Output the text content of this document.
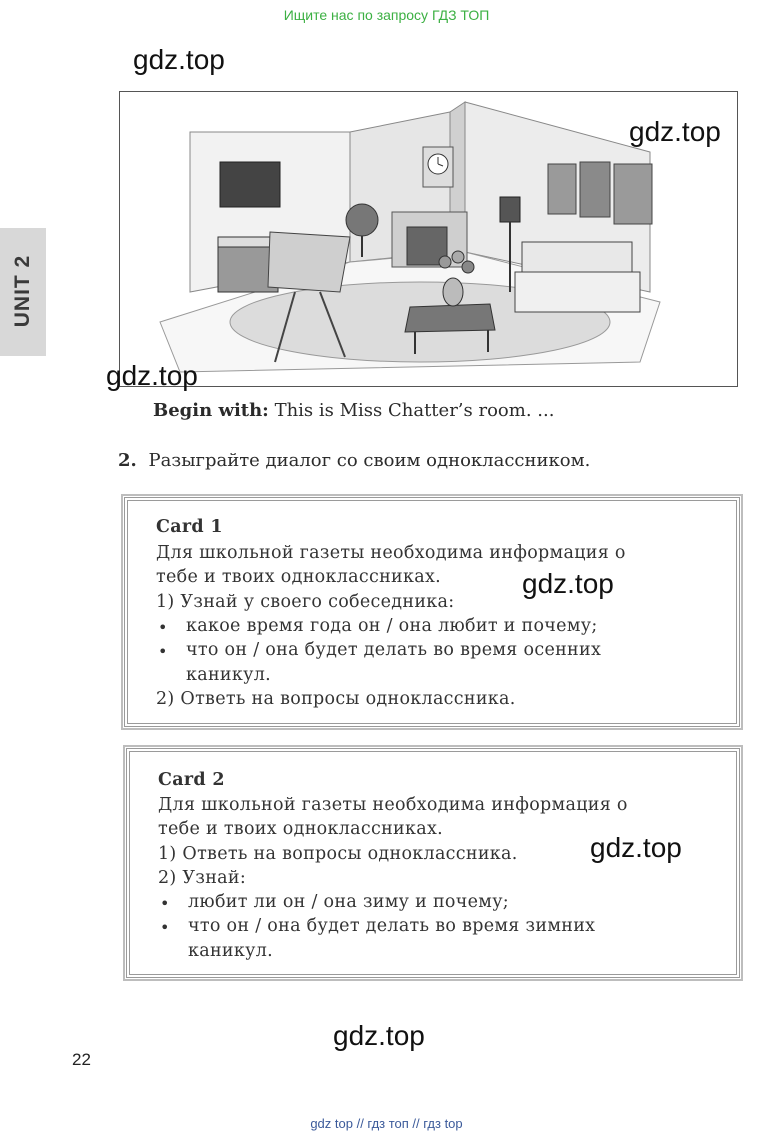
Ищите нас по запросу ГДЗ ТОП
gdz.top
UNIT 2
gdz.top
gdz.top
Begin with: This is Miss Chatter’s room. ...
2. Разыграйте диалог со своим одноклассником.
Card 1
Для школьной газеты необходима информация о
тебе и твоих одноклассниках.
1) Узнай у своего собеседника:
• какое время года он / она любит и почему;
• что он / она будет делать во время осенних
каникул.
2) Ответь на вопросы одноклассника.
gdz.top
Card 2
Для школьной газеты необходима информация о
тебе и твоих одноклассниках.
1) Ответь на вопросы одноклассника.
2) Узнай:
• любит ли он / она зиму и почему;
• что он / она будет делать во время зимних
каникул.
gdz.top
gdz.top
22
gdz top // гдз топ // гдз top
